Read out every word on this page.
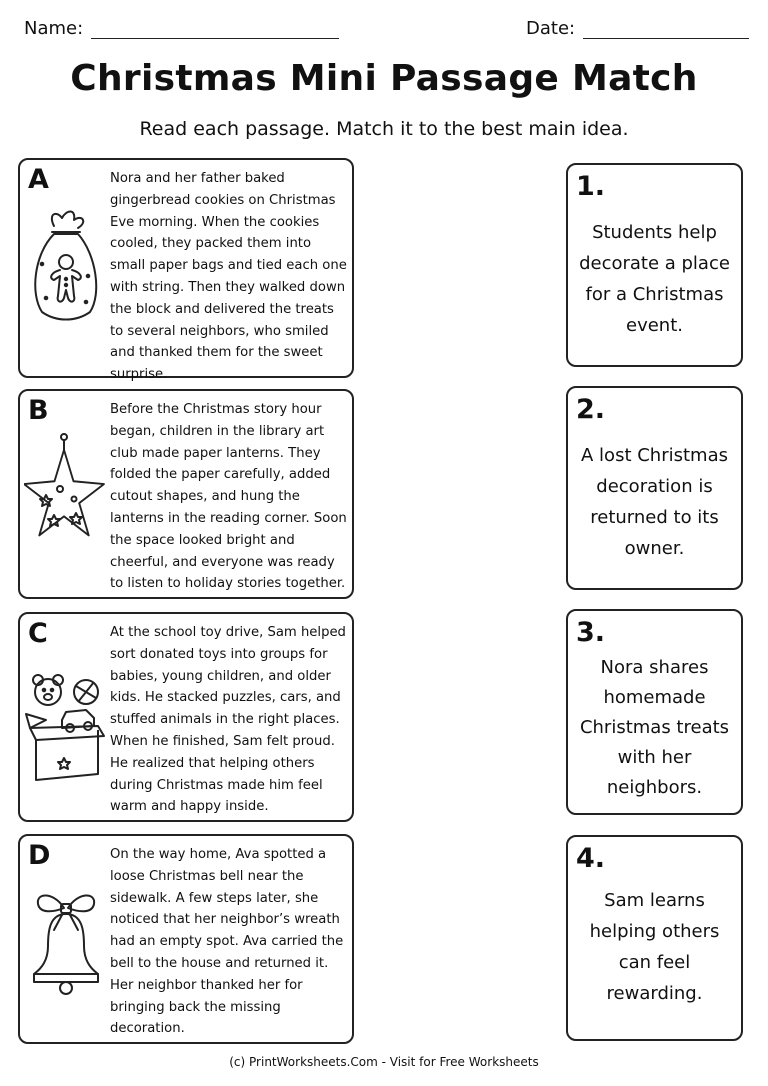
Name:	Date:
Christmas Mini Passage Match
Read each passage. Match it to the best main idea.
A	Nora and her father baked gingerbread cookies on Christmas Eve morning. When the cookies cooled, they packed them into small paper bags and tied each one with string. Then they walked down the block and delivered the treats to several neighbors, who smiled and thanked them for the sweet surprise.
B	Before the Christmas story hour began, children in the library art club made paper lanterns. They folded the paper carefully, added cutout shapes, and hung the lanterns in the reading corner. Soon the space looked bright and cheerful, and everyone was ready to listen to holiday stories together.
C	At the school toy drive, Sam helped sort donated toys into groups for babies, young children, and older kids. He stacked puzzles, cars, and stuffed animals in the right places. When he finished, Sam felt proud. He realized that helping others during Christmas made him feel warm and happy inside.
D	On the way home, Ava spotted a loose Christmas bell near the sidewalk. A few steps later, she noticed that her neighbor’s wreath had an empty spot. Ava carried the bell to the house and returned it. Her neighbor thanked her for bringing back the missing decoration.
1.
Students help decorate a place for a Christmas event.
2.
A lost Christmas decoration is returned to its owner.
3.
Nora shares homemade Christmas treats with her neighbors.
4.
Sam learns helping others can feel rewarding.
(c) PrintWorksheets.Com - Visit for Free Worksheets
